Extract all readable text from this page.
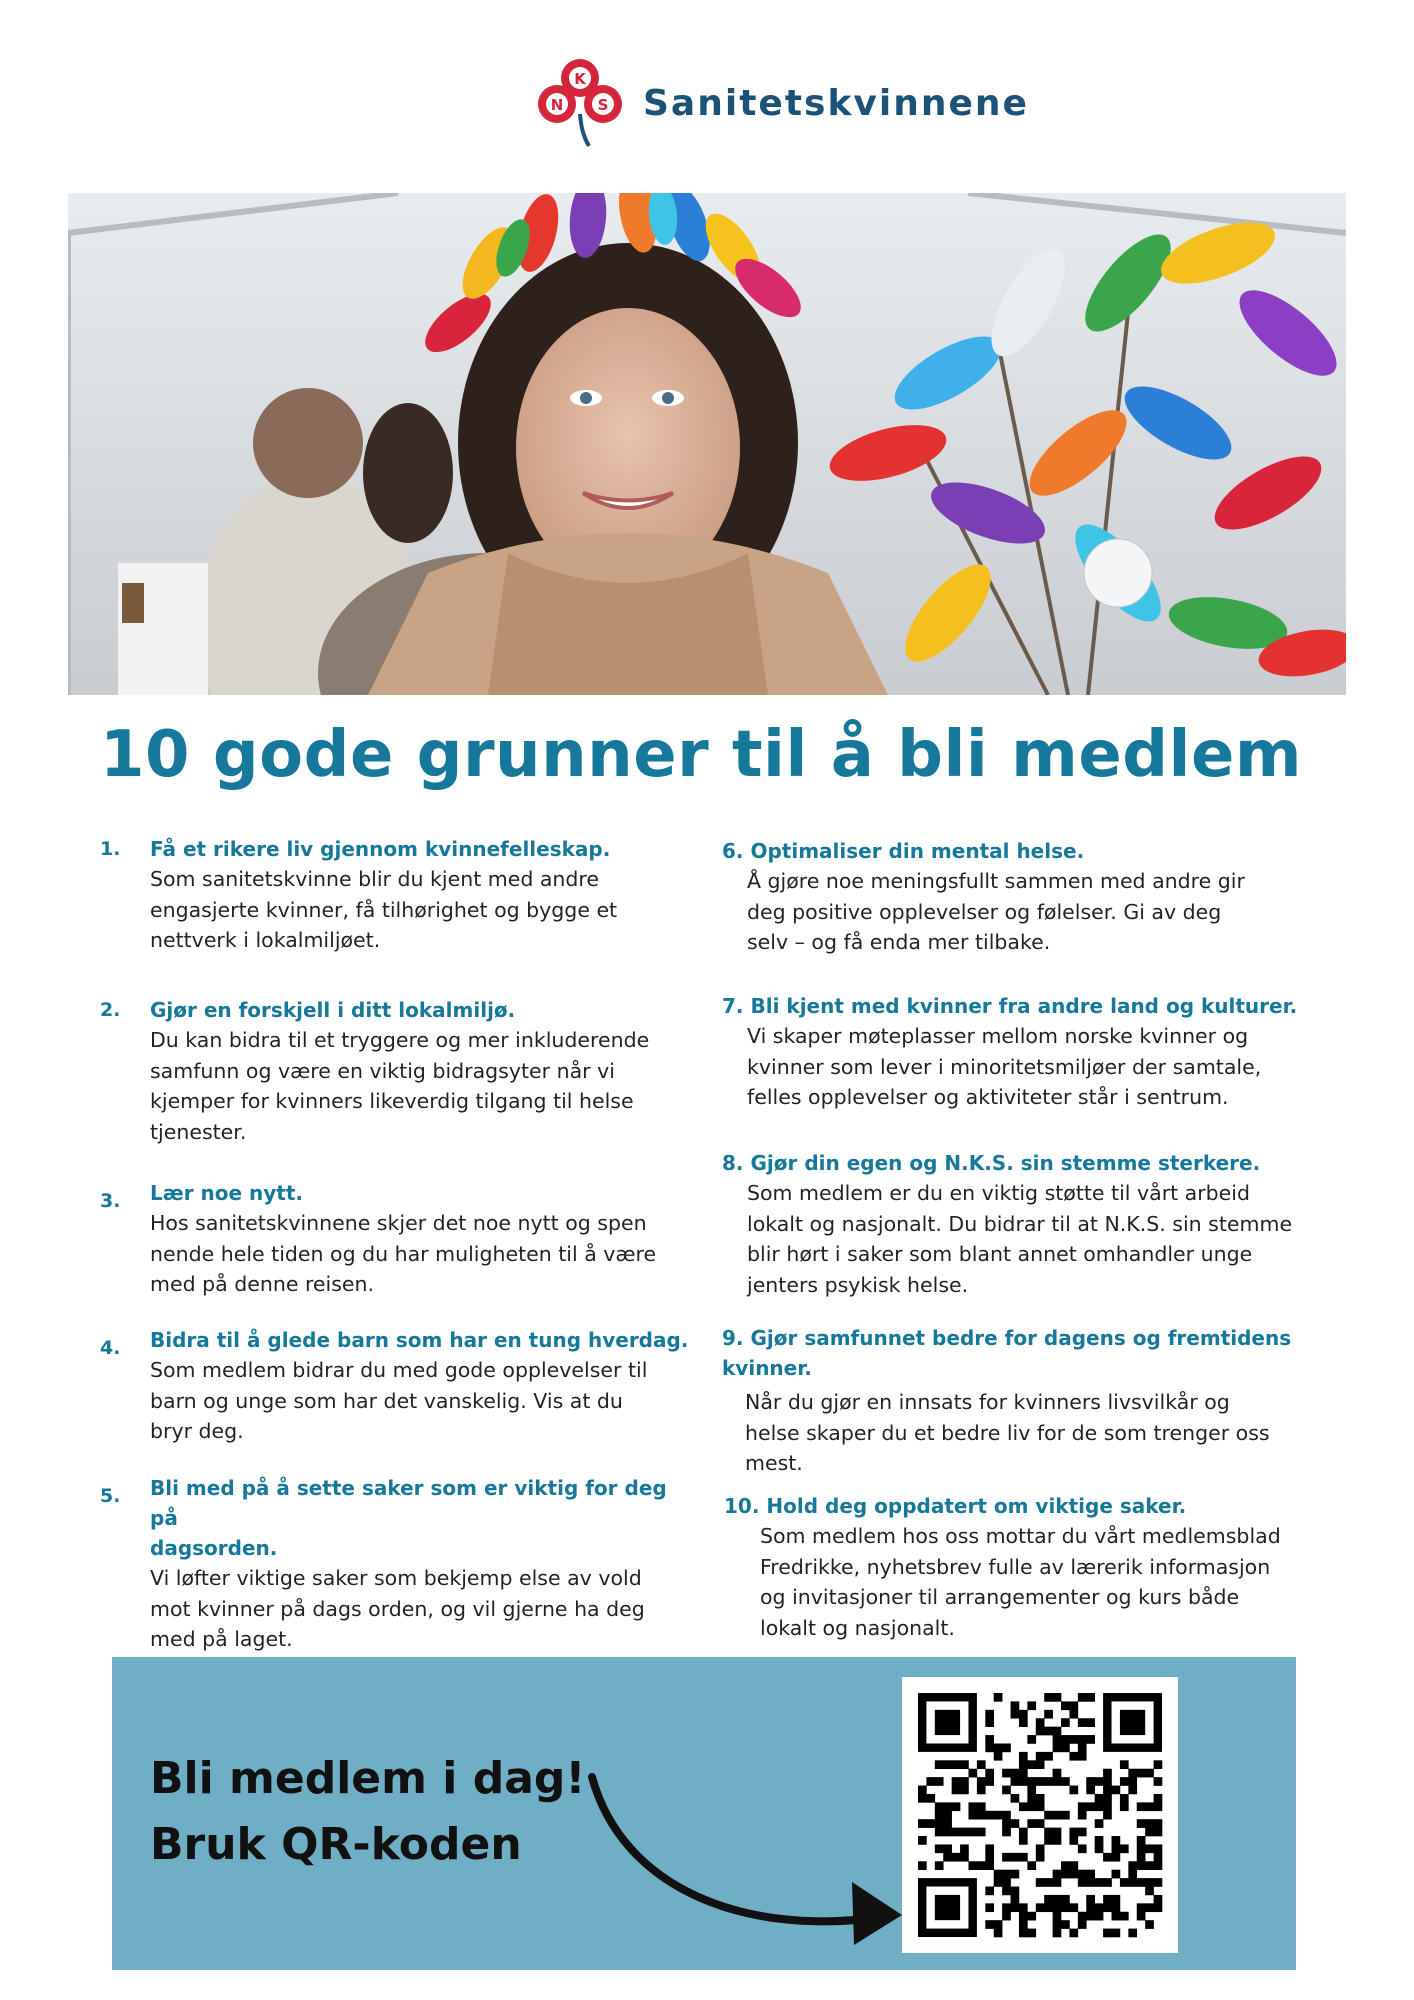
K
N S Sanitetskvinnene
10 gode grunner til å bli medlem
1. Få et rikere liv gjennom kvinnefelleskap.

Som sanitetskvinne blir du kjent med andre

engasjerte kvinner, få tilhørighet og bygge et

nettverk i lokalmiljøet.

2. Gjør en forskjell i ditt lokalmiljø.

Du kan bidra til et tryggere og mer inkluderende

samfunn og være en viktig bidragsyter når vi

kjemper for kvinners likeverdig tilgang til helse

tjenester.

3. Lær noe nytt.

Hos sanitetskvinnene skjer det noe nytt og spen

nende hele tiden og du har muligheten til å være

med på denne reisen.

4. Bidra til å glede barn som har en tung hverdag.

Som medlem bidrar du med gode opplevelser til

barn og unge som har det vanskelig. Vis at du

bryr deg.

5. Bli med på å sette saker som er viktig for deg på

dagsorden.

Vi løfter viktige saker som bekjemp else av vold

mot kvinner på dags orden, og vil gjerne ha deg

med på laget.

6. Optimaliser din mental helse.

Å gjøre noe meningsfullt sammen med andre gir

deg positive opplevelser og følelser. Gi av deg

selv – og få enda mer tilbake.

7. Bli kjent med kvinner fra andre land og kulturer.

Vi skaper møteplasser mellom norske kvinner og

kvinner som lever i minoritetsmiljøer der samtale,

felles opplevelser og aktiviteter står i sentrum.

8. Gjør din egen og N.K.S. sin stemme sterkere.

Som medlem er du en viktig støtte til vårt arbeid

lokalt og nasjonalt. Du bidrar til at N.K.S. sin stemme

blir hørt i saker som blant annet omhandler unge

jenters psykisk helse.

9. Gjør samfunnet bedre for dagens og fremtidens

kvinner.

Når du gjør en innsats for kvinners livsvilkår og

helse skaper du et bedre liv for de som trenger oss

mest.

10. Hold deg oppdatert om viktige saker.

Som medlem hos oss mottar du vårt medlemsblad

Fredrikke, nyhetsbrev fulle av lærerik informasjon

og invitasjoner til arrangementer og kurs både

lokalt og nasjonalt.

Bli medlem i dag!

Bruk QR-koden
